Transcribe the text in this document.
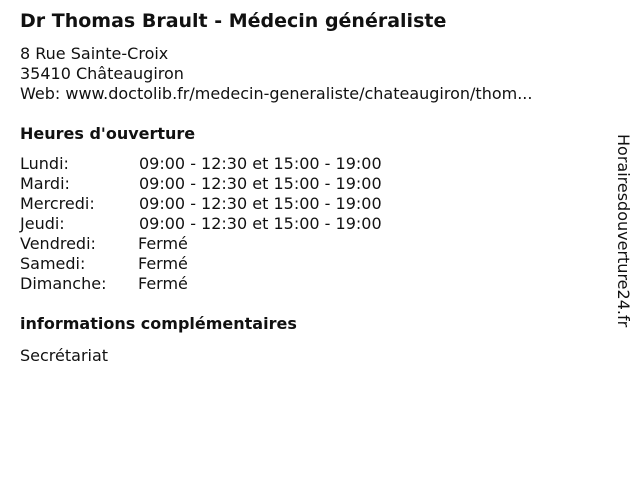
Dr Thomas Brault - Médecin généraliste
8 Rue Sainte-Croix
35410 Châteaugiron
Web: www.doctolib.fr/medecin-generaliste/chateaugiron/thom...
Heures d'ouverture
Lundi:	09:00 - 12:30 et 15:00 - 19:00
Mardi:	09:00 - 12:30 et 15:00 - 19:00
Mercredi:	09:00 - 12:30 et 15:00 - 19:00
Jeudi:	09:00 - 12:30 et 15:00 - 19:00
Vendredi:	Fermé
Samedi:	Fermé
Dimanche: Fermé
informations complémentaires
Secrétariat
Horairesdouverture24.fr
